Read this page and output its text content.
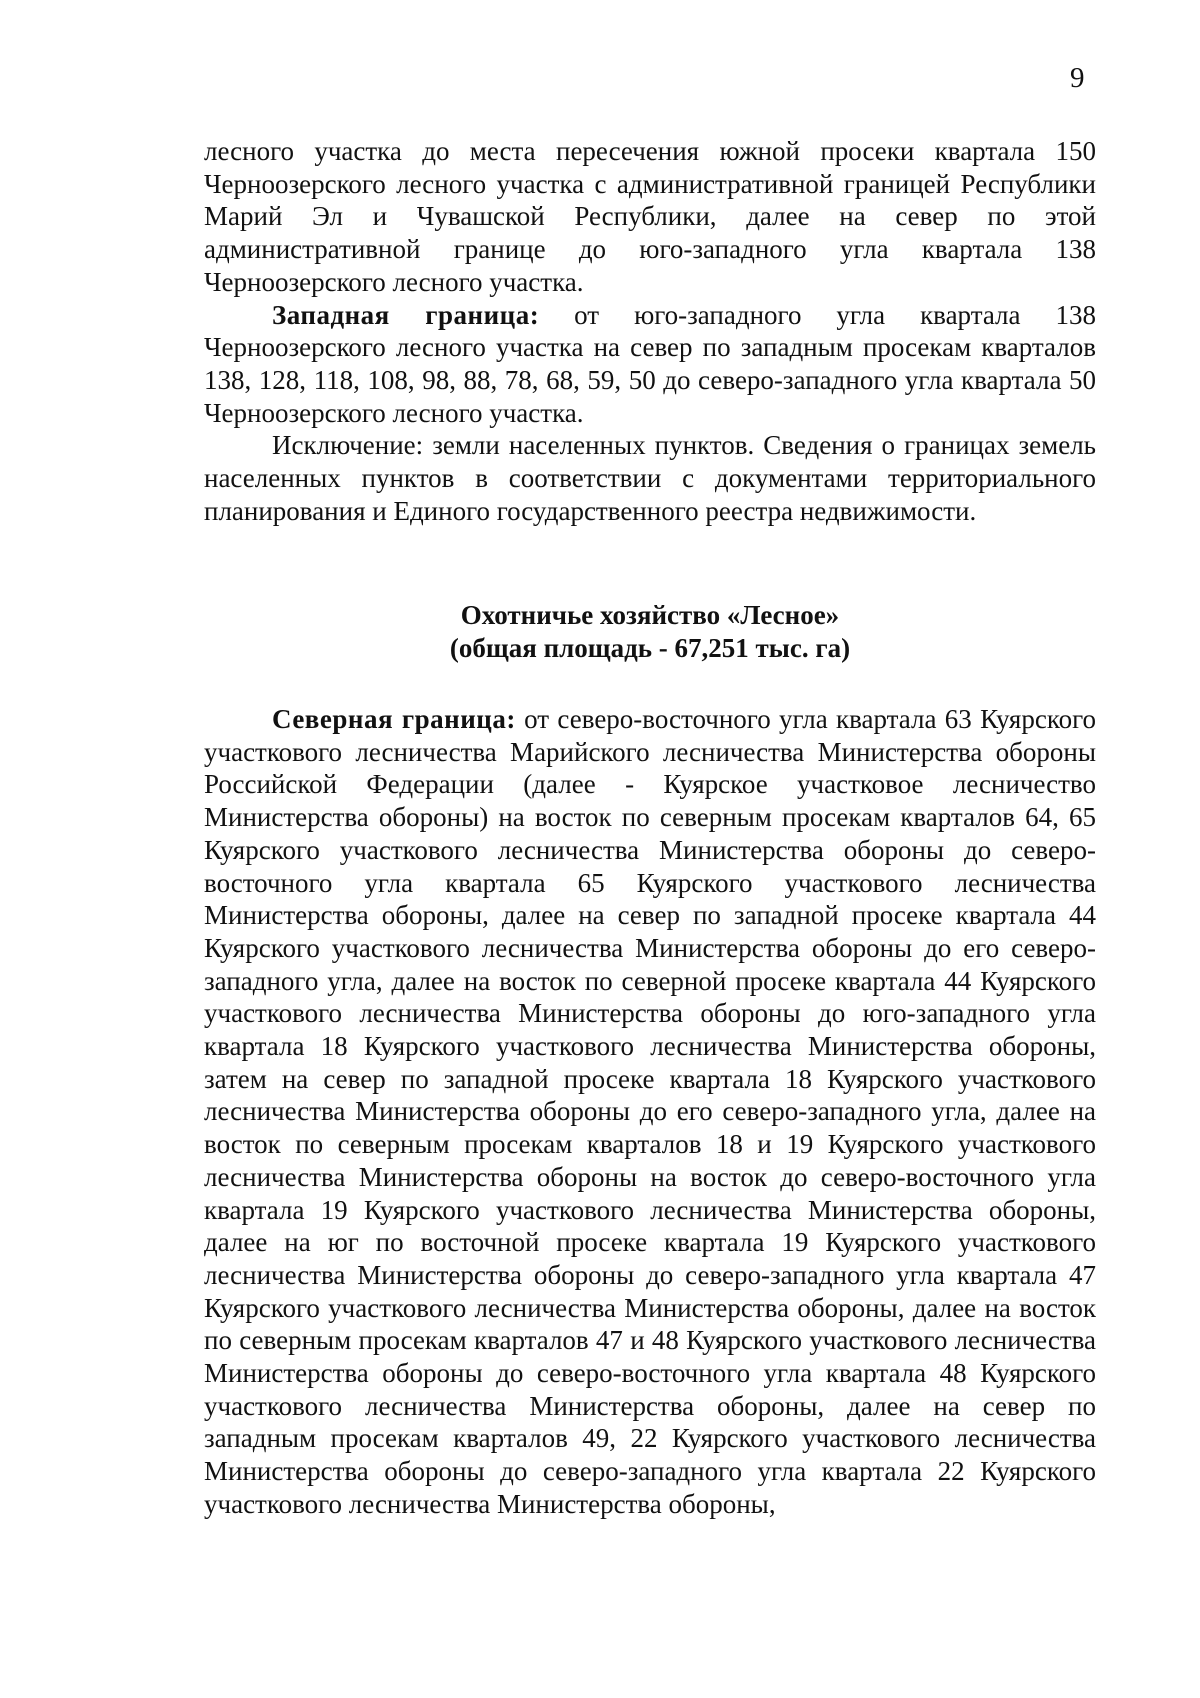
9

лесного участка до места пересечения южной просеки квартала 150 Черноозерского лесного участка с административной границей Республики Марий Эл и Чувашской Республики, далее на север по этой административной границе до юго-западного угла квартала 138 Черноозерского лесного участка.

Западная граница: от юго-западного угла квартала 138 Черноозерского лесного участка на север по западным просекам кварталов 138, 128, 118, 108, 98, 88, 78, 68, 59, 50 до северо-западного угла квартала 50 Черноозерского лесного участка.

Исключение: земли населенных пунктов. Сведения о границах земель населенных пунктов в соответствии с документами территориального планирования и Единого государственного реестра недвижимости.

Охотничье хозяйство «Лесное»
(общая площадь - 67,251 тыс. га)

Северная граница: от северо-восточного угла квартала 63 Куярского участкового лесничества Марийского лесничества Министерства обороны Российской Федерации (далее - Куярское участковое лесничество Министерства обороны) на восток по северным просекам кварталов 64, 65 Куярского участкового лесничества Министерства обороны до северо-восточного угла квартала 65 Куярского участкового лесничества Министерства обороны, далее на север по западной просеке квартала 44 Куярского участкового лесничества Министерства обороны до его северо-западного угла, далее на восток по северной просеке квартала 44 Куярского участкового лесничества Министерства обороны до юго-западного угла квартала 18 Куярского участкового лесничества Министерства обороны, затем на север по западной просеке квартала 18 Куярского участкового лесничества Министерства обороны до его северо-западного угла, далее на восток по северным просекам кварталов 18 и 19 Куярского участкового лесничества Министерства обороны на восток до северо-восточного угла квартала 19 Куярского участкового лесничества Министерства обороны, далее на юг по восточной просеке квартала 19 Куярского участкового лесничества Министерства обороны до северо-западного угла квартала 47 Куярского участкового лесничества Министерства обороны, далее на восток по северным просекам кварталов 47 и 48 Куярского участкового лесничества Министерства обороны до северо-восточного угла квартала 48 Куярского участкового лесничества Министерства обороны, далее на север по западным просекам кварталов 49, 22 Куярского участкового лесничества Министерства обороны до северо-западного угла квартала 22 Куярского участкового лесничества Министерства обороны,
